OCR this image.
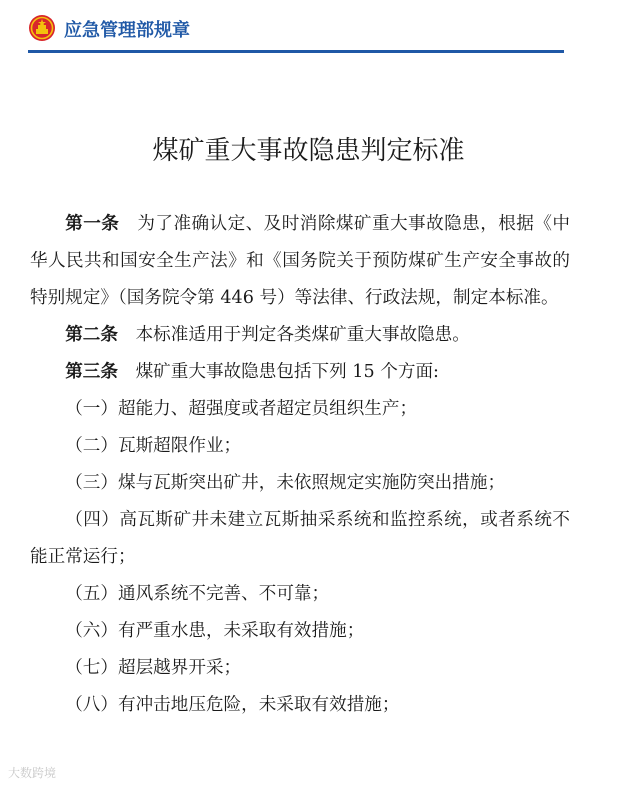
应急管理部规章
煤矿重大事故隐患判定标准

第一条 为了准确认定、及时消除煤矿重大事故隐患，根据《中华人民共和国安全生产法》和《国务院关于预防煤矿生产安全事故的特别规定》（国务院令第 446 号）等法律、行政法规，制定本标准。

第二条 本标准适用于判定各类煤矿重大事故隐患。

第三条 煤矿重大事故隐患包括下列 15 个方面:

（一）超能力、超强度或者超定员组织生产；

（二）瓦斯超限作业；

（三）煤与瓦斯突出矿井，未依照规定实施防突出措施；

（四）高瓦斯矿井未建立瓦斯抽采系统和监控系统，或者系统不能正常运行；

（五）通风系统不完善、不可靠；

（六）有严重水患，未采取有效措施；

（七）超层越界开采；

（八）有冲击地压危险，未采取有效措施；

大数跨境
